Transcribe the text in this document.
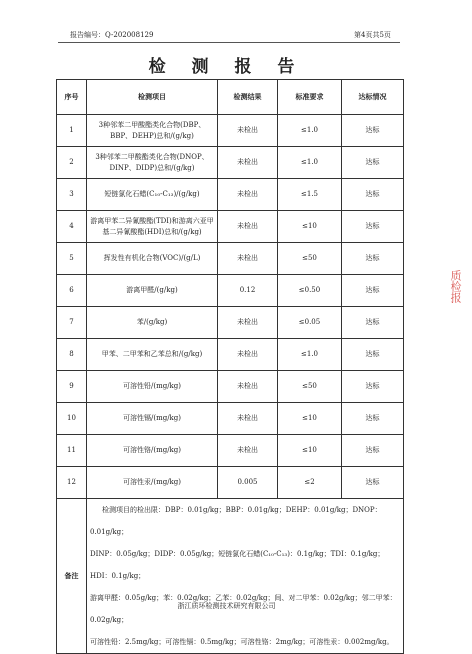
报告编号：Q-202008129	第4页共5页
检 测 报 告
序号	检测项目	检测结果	标准要求	达标情况
1	3种邻苯二甲酸酯类化合物(DBP、BBP、DEHP)总和/(g/kg)	未检出	≤1.0	达标
2	3种邻苯二甲酸酯类化合物(DNOP、DINP、DIDP)总和/(g/kg)	未检出	≤1.0	达标
3	短链氯化石蜡(C₁₀-C₁₃)/(g/kg)	未检出	≤1.5	达标
4	游离甲苯二异氰酸酯(TDI)和游离六亚甲基二异氰酸酯(HDI)总和/(g/kg)	未检出	≤10	达标
5	挥发性有机化合物(VOC)/(g/L)	未检出	≤50	达标
6	游离甲醛/(g/kg)	0.12	≤0.50	达标
7	苯/(g/kg)	未检出	≤0.05	达标
8	甲苯、二甲苯和乙苯总和/(g/kg)	未检出	≤1.0	达标
9	可溶性铅/(mg/kg)	未检出	≤50	达标
10	可溶性镉/(mg/kg)	未检出	≤10	达标
11	可溶性铬/(mg/kg)	未检出	≤10	达标
12	可溶性汞/(mg/kg)	0.005	≤2	达标
备注	检测项目的检出限：DBP：0.01g/kg；BBP：0.01g/kg；DEHP：0.01g/kg；DNOP：0.01g/kg；
DINP：0.05g/kg；DIDP：0.05g/kg；短链氯化石蜡(C₁₀-C₁₃)：0.1g/kg；TDI：0.1g/kg；HDI：0.1g/kg；
游离甲醛：0.05g/kg；苯：0.02g/kg；乙苯：0.02g/kg；间、对二甲苯：0.02g/kg；邻二甲苯：0.02g/kg；
可溶性铅：2.5mg/kg；可溶性镉：0.5mg/kg；可溶性铬：2mg/kg；可溶性汞：0.002mg/kg。			
浙江质环检测技术研究有限公司
质检报
